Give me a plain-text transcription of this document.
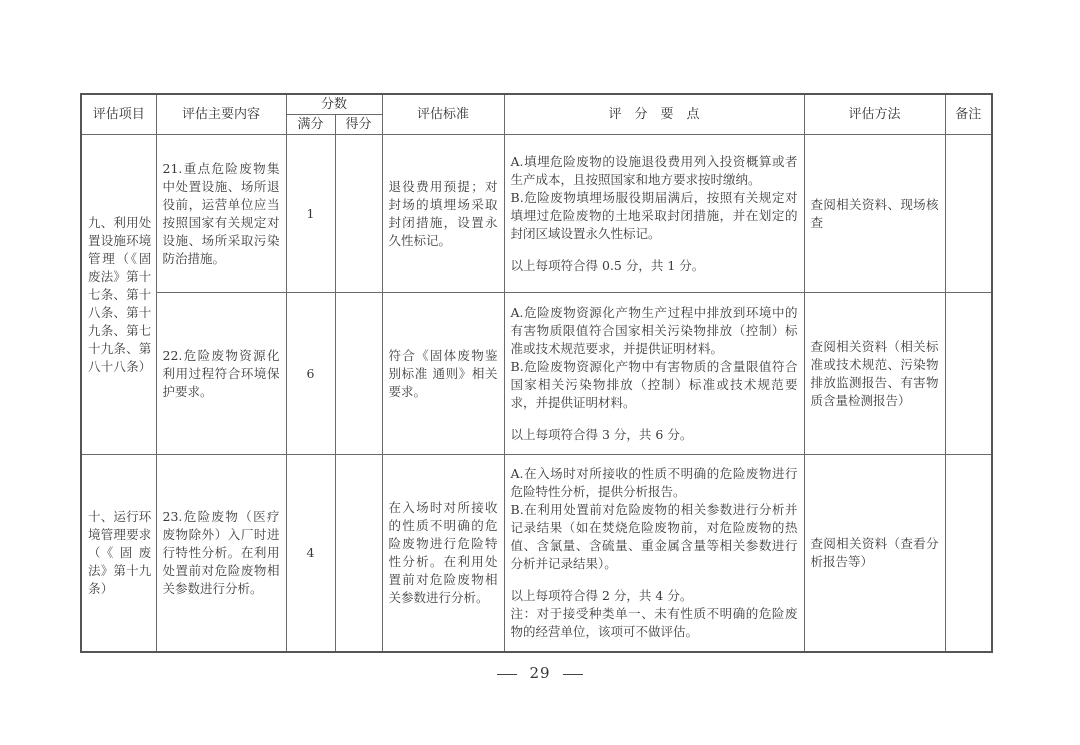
评估项目	评估主要内容	分数		评估标准	评　分　要　点	评估方法	备注
		满分	得分				

九、利用处置设施环境管理（《固废法》第十七条、第十八条、第十九条、第七十九条、第八十八条）	21.重点危险废物集中处置设施、场所退役前，运营单位应当按照国家有关规定对设施、场所采取污染防治措施。	1		退役费用预提；对封场的填埋场采取封闭措施，设置永久性标记。	A.填埋危险废物的设施退役费用列入投资概算或者生产成本，且按照国家和地方要求按时缴纳。

B.危险废物填埋场服役期届满后，按照有关规定对填埋过危险废物的土地采取封闭措施，并在划定的封闭区域设置永久性标记。

以上每项符合得 0.5 分，共 1 分。	查阅相关资料、现场核查	

	22.危险废物资源化利用过程符合环境保护要求。	6		符合《固体废物鉴别标准 通则》相关要求。	A.危险废物资源化产物生产过程中排放到环境中的有害物质限值符合国家相关污染物排放（控制）标准或技术规范要求，并提供证明材料。

B.危险废物资源化产物中有害物质的含量限值符合国家相关污染物排放（控制）标准或技术规范要求，并提供证明材料。

以上每项符合得 3 分，共 6 分。	查阅相关资料（相关标准或技术规范、污染物排放监测报告、有害物质含量检测报告）	

十、运行环境管理要求（《固废法》第十九条）	23.危险废物（医疗废物除外）入厂时进行特性分析。在利用处置前对危险废物相关参数进行分析。	4		在入场时对所接收的性质不明确的危险废物进行危险特性分析。在利用处置前对危险废物相关参数进行分析。	A.在入场时对所接收的性质不明确的危险废物进行危险特性分析，提供分析报告。

B.在利用处置前对危险废物的相关参数进行分析并记录结果（如在焚烧危险废物前，对危险废物的热值、含氯量、含硫量、重金属含量等相关参数进行分析并记录结果）。

以上每项符合得 2 分，共 4 分。

注：对于接受种类单一、未有性质不明确的危险废物的经营单位，该项可不做评估。	查阅相关资料（查看分析报告等）	

29
